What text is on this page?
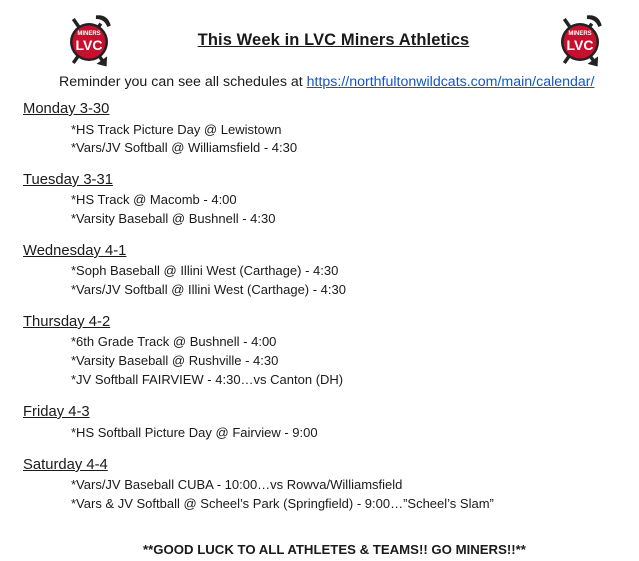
MINERS
LVC
MINERS
LVC
This Week in LVC Miners Athletics
Reminder you can see all schedules at https://northfultonwildcats.com/main/calendar/
Monday 3-30
*HS Track Picture Day @ Lewistown
*Vars/JV Softball @ Williamsfield - 4:30
Tuesday 3-31
*HS Track @ Macomb - 4:00
*Varsity Baseball @ Bushnell - 4:30
Wednesday 4-1
*Soph Baseball @ Illini West (Carthage) - 4:30
*Vars/JV Softball @ Illini West (Carthage) - 4:30
Thursday 4-2
*6th Grade Track @ Bushnell - 4:00
*Varsity Baseball @ Rushville - 4:30
*JV Softball FAIRVIEW - 4:30…vs Canton (DH)
Friday 4-3
*HS Softball Picture Day @ Fairview - 9:00
Saturday 4-4
*Vars/JV Baseball CUBA - 10:00…vs Rowva/Williamsfield
*Vars & JV Softball @ Scheel’s Park (Springfield) - 9:00…”Scheel’s Slam”
**GOOD LUCK TO ALL ATHLETES & TEAMS!! GO MINERS!!**
